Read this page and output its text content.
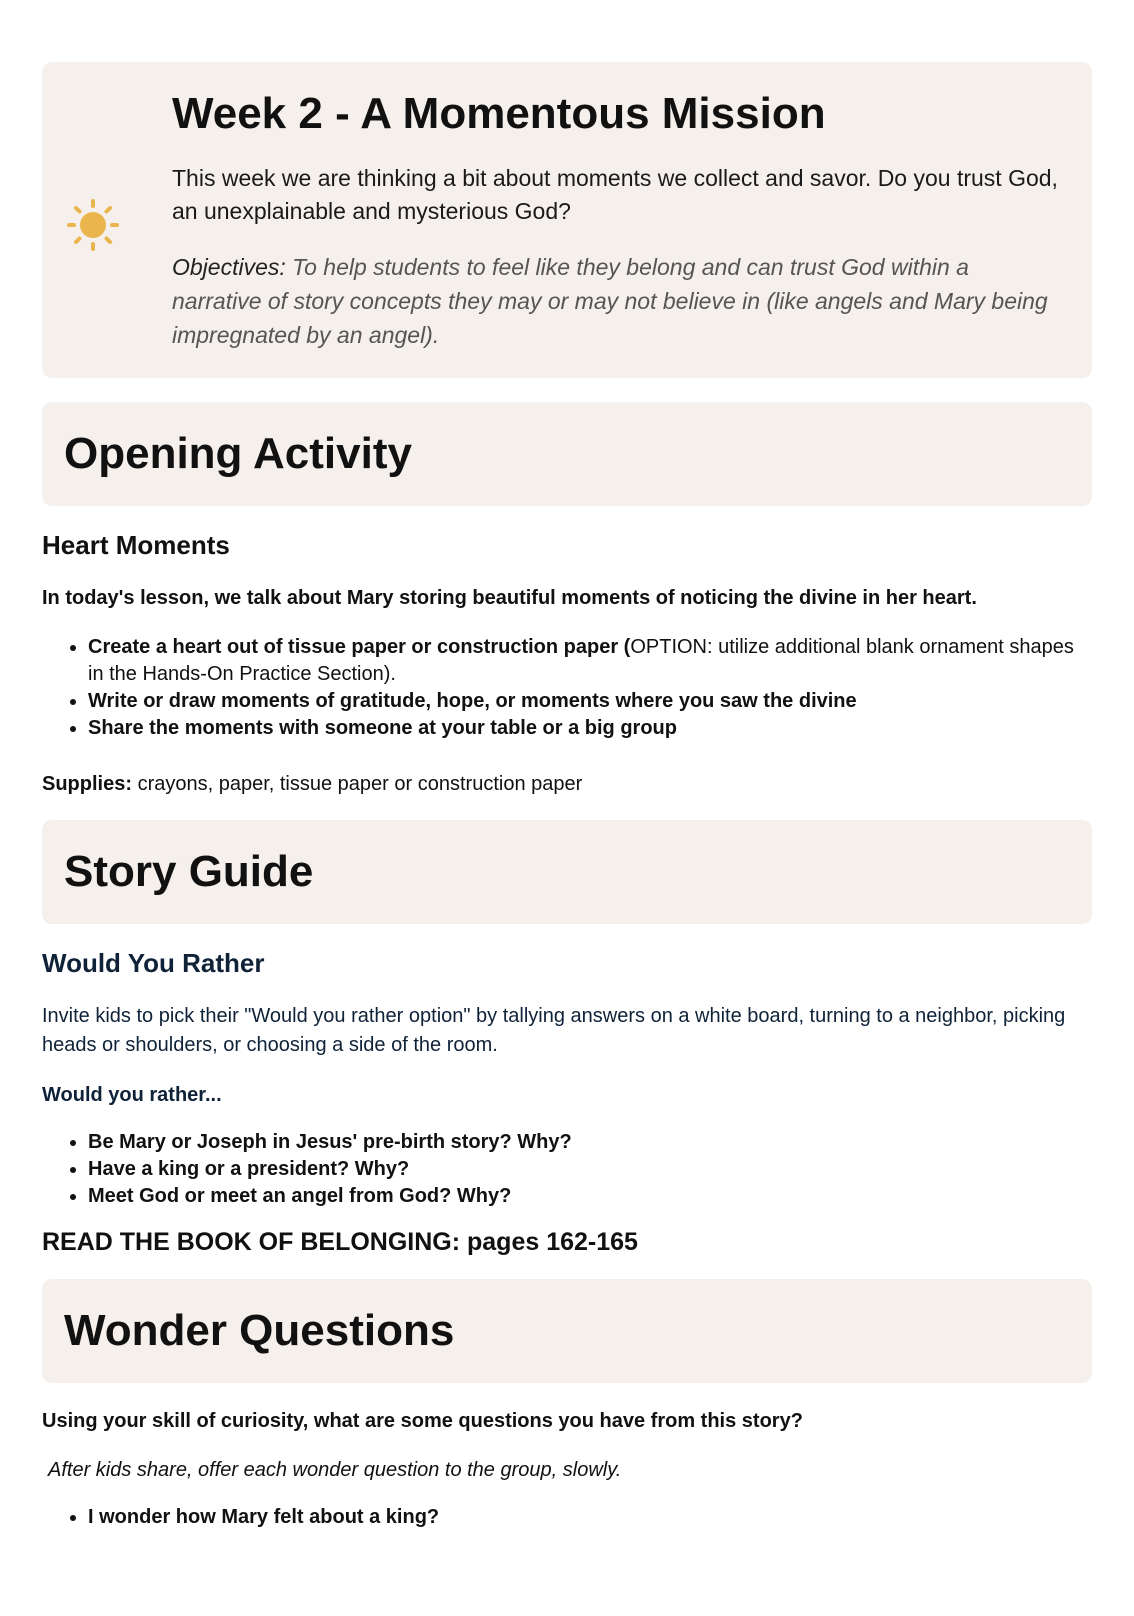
Week 2 - A Momentous Mission

This week we are thinking a bit about moments we collect and savor. Do you trust God, an unexplainable and mysterious God?

Objectives: To help students to feel like they belong and can trust God within a narrative of story concepts they may or may not believe in (like angels and Mary being impregnated by an angel).

Opening Activity
Heart Moments

In today's lesson, we talk about Mary storing beautiful moments of noticing the divine in her heart.

• Create a heart out of tissue paper or construction paper (OPTION: utilize additional blank ornament shapes in the Hands-On Practice Section).
• Write or draw moments of gratitude, hope, or moments where you saw the divine
• Share the moments with someone at your table or a big group

Supplies: crayons, paper, tissue paper or construction paper

Story Guide
Would You Rather

Invite kids to pick their "Would you rather option" by tallying answers on a white board, turning to a neighbor, picking heads or shoulders, or choosing a side of the room.

Would you rather...

• Be Mary or Joseph in Jesus' pre-birth story? Why?
• Have a king or a president? Why?
• Meet God or meet an angel from God? Why?

READ THE BOOK OF BELONGING: pages 162-165

Wonder Questions

Using your skill of curiosity, what are some questions you have from this story?

After kids share, offer each wonder question to the group, slowly.

• I wonder how Mary felt about a king?
